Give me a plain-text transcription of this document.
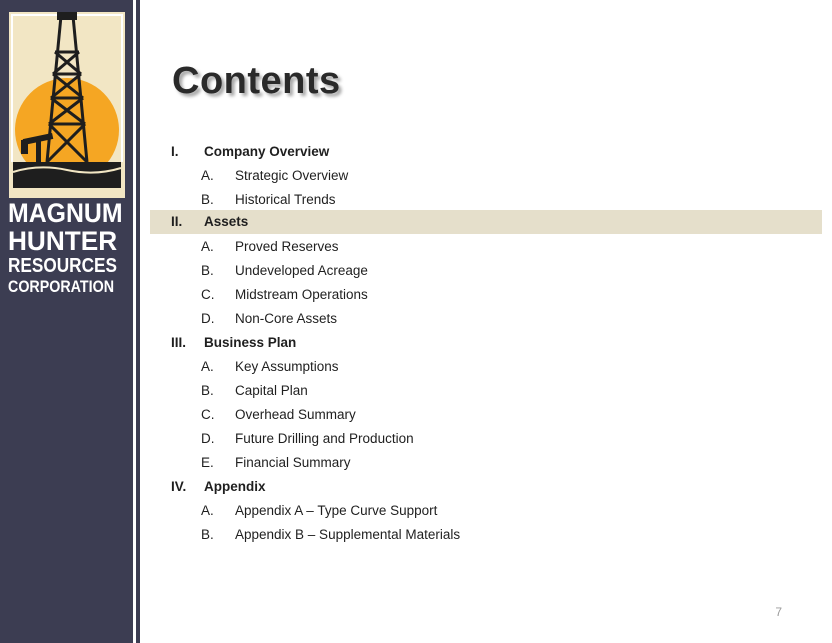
MAGNUM
HUNTER
RESOURCES
CORPORATION
Contents
I. Company Overview
A. Strategic Overview
B. Historical Trends
II. Assets
A. Proved Reserves
B. Undeveloped Acreage
C. Midstream Operations
D. Non-Core Assets
III. Business Plan
A. Key Assumptions
B. Capital Plan
C. Overhead Summary
D. Future Drilling and Production
E. Financial Summary
IV. Appendix
A. Appendix A – Type Curve Support
B. Appendix B – Supplemental Materials
7
